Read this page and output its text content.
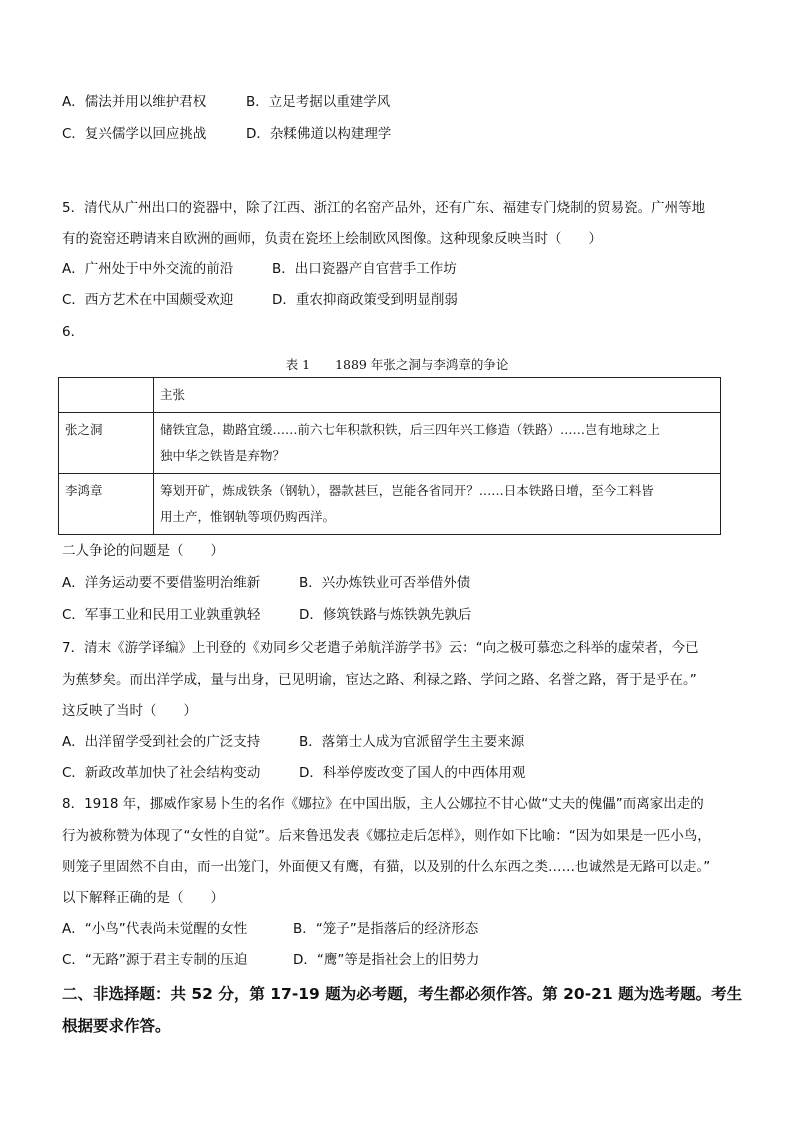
A．儒法并用以维护君权	B．立足考据以重建学风
C．复兴儒学以回应挑战	D．杂糅佛道以构建理学
5．清代从广州出口的瓷器中，除了江西、浙江的名窑产品外，还有广东、福建专门烧制的贸易瓷。广州等地
有的瓷窑还聘请来自欧洲的画师，负责在瓷坯上绘制欧风图像。这种现象反映当时（　　）
A．广州处于中外交流的前沿	B．出口瓷器产自官营手工作坊
C．西方艺术在中国颇受欢迎	D．重农抑商政策受到明显削弱
6．
表 1　　1889 年张之洞与李鸿章的争论
	主张
张之洞	储铁宜急，勘路宜缓……前六七年积款积铁，后三四年兴工修造（铁路）……岂有地球之上
独中华之铁皆是弃物？

李鸿章	筹划开矿，炼成铁条（钢轨），器款甚巨，岂能各省同开？……日本铁路日增，至今工料皆
用土产，惟钢轨等项仍购西洋。
二人争论的问题是（　　）
A．洋务运动要不要借鉴明治维新	B．兴办炼铁业可否举借外债
C．军事工业和民用工业孰重孰轻	D．修筑铁路与炼铁孰先孰后
7．清末《游学译编》上刊登的《劝同乡父老遣子弟航洋游学书》云：“向之极可慕恋之科举的虚荣者，今已
为蕉梦矣。而出洋学成，量与出身，已见明谕，宦达之路、利禄之路、学问之路、名誉之路，胥于是乎在。”
这反映了当时（　　）
A．出洋留学受到社会的广泛支持	B．落第士人成为官派留学生主要来源
C．新政改革加快了社会结构变动	D．科举停废改变了国人的中西体用观
8．1918 年，挪威作家易卜生的名作《娜拉》在中国出版，主人公娜拉不甘心做“丈夫的傀儡”而离家出走的
行为被称赞为体现了“女性的自觉”。后来鲁迅发表《娜拉走后怎样》，则作如下比喻：“因为如果是一匹小鸟，
则笼子里固然不自由，而一出笼门，外面便又有鹰，有猫，以及别的什么东西之类……也诚然是无路可以走。”
以下解释正确的是（　　）
A．“小鸟”代表尚未觉醒的女性	B．“笼子”是指落后的经济形态
C．“无路”源于君主专制的压迫	D．“鹰”等是指社会上的旧势力
二、非选择题：共 52 分，第 17-19 题为必考题，考生都必须作答。第 20-21 题为选考题。考生
根据要求作答。
